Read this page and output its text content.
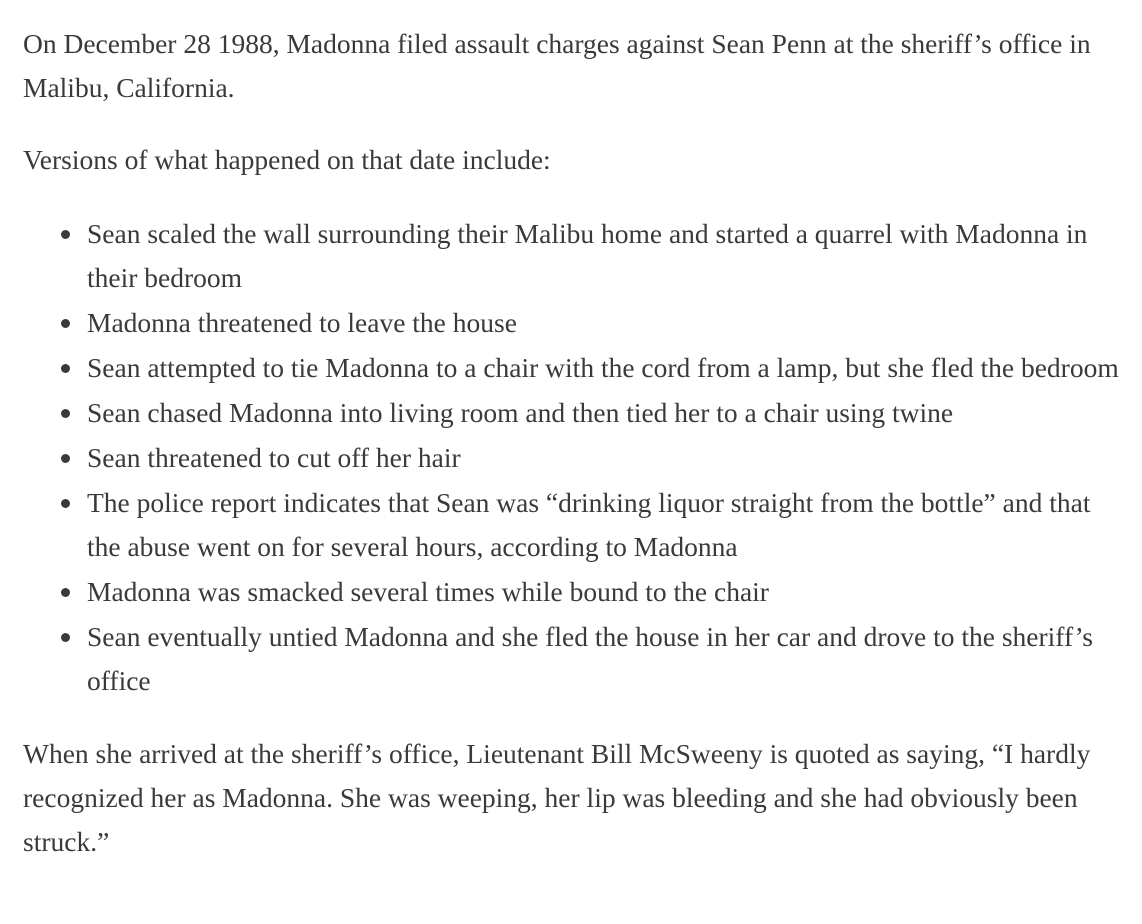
On December 28 1988, Madonna filed assault charges against Sean Penn at the sheriff’s office in Malibu, California.

Versions of what happened on that date include:

Sean scaled the wall surrounding their Malibu home and started a quarrel with Madonna in their bedroom
Madonna threatened to leave the house
Sean attempted to tie Madonna to a chair with the cord from a lamp, but she fled the bedroom
Sean chased Madonna into living room and then tied her to a chair using twine
Sean threatened to cut off her hair
The police report indicates that Sean was “drinking liquor straight from the bottle” and that the abuse went on for several hours, according to Madonna
Madonna was smacked several times while bound to the chair
Sean eventually untied Madonna and she fled the house in her car and drove to the sheriff’s office

When she arrived at the sheriff’s office, Lieutenant Bill McSweeny is quoted as saying, “I hardly recognized her as Madonna. She was weeping, her lip was bleeding and she had obviously been struck.”
